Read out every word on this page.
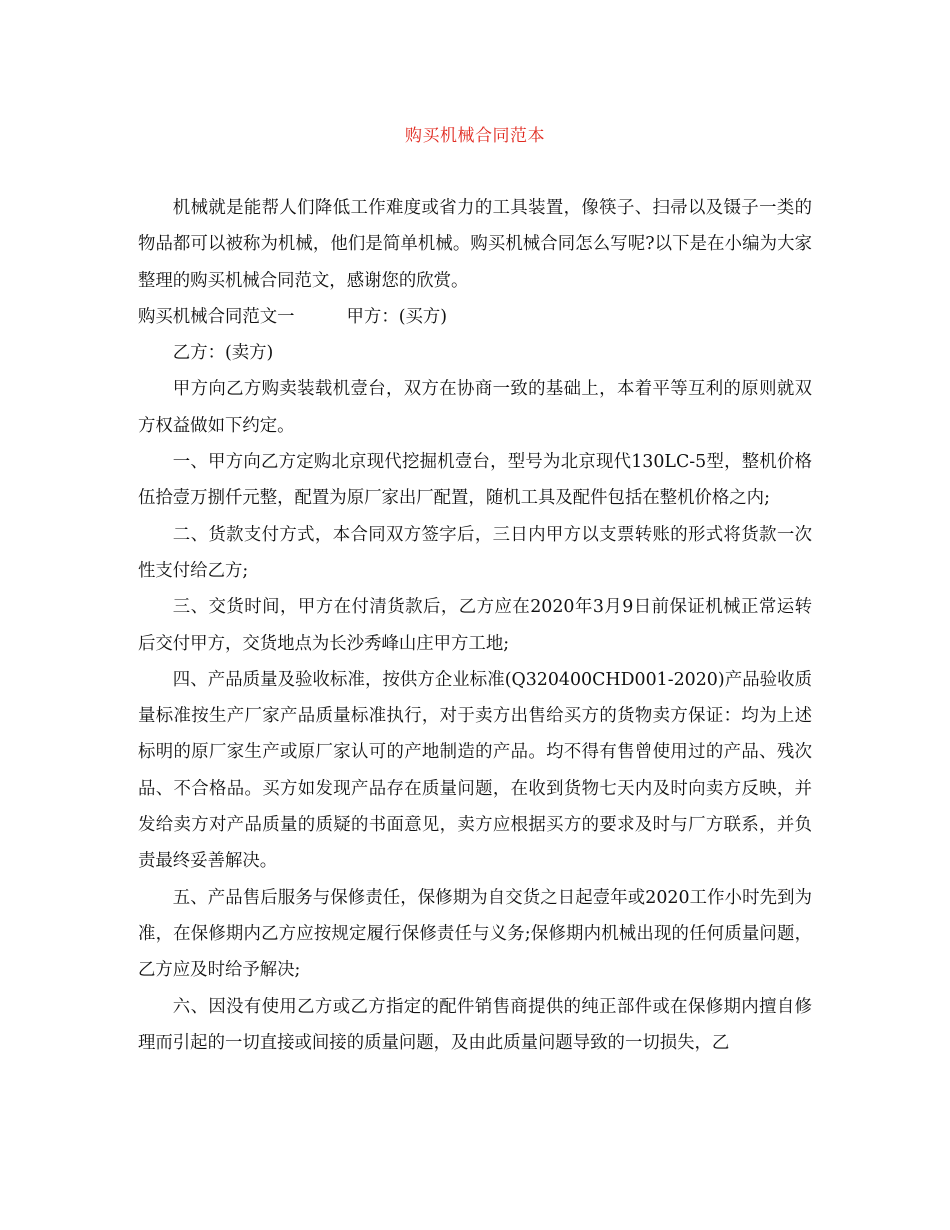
购买机械合同范本

机械就是能帮人们降低工作难度或省力的工具装置，像筷子、扫帚以及镊子一类的物品都可以被称为机械，他们是简单机械。购买机械合同怎么写呢?以下是在小编为大家整理的购买机械合同范文，感谢您的欣赏。

购买机械合同范文一	甲方：(买方)

乙方：(卖方)

甲方向乙方购卖装载机壹台，双方在协商一致的基础上，本着平等互利的原则就双方权益做如下约定。

一、甲方向乙方定购北京现代挖掘机壹台，型号为北京现代130LC-5型，整机价格伍拾壹万捌仟元整，配置为原厂家出厂配置，随机工具及配件包括在整机价格之内;

二、货款支付方式，本合同双方签字后，三日内甲方以支票转账的形式将货款一次性支付给乙方;

三、交货时间，甲方在付清货款后，乙方应在2020年3月9日前保证机械正常运转后交付甲方，交货地点为长沙秀峰山庄甲方工地;

四、产品质量及验收标准，按供方企业标准(Q320400CHD001-2020)产品验收质量标准按生产厂家产品质量标准执行，对于卖方出售给买方的货物卖方保证：均为上述标明的原厂家生产或原厂家认可的产地制造的产品。均不得有售曾使用过的产品、残次品、不合格品。买方如发现产品存在质量问题，在收到货物七天内及时向卖方反映，并发给卖方对产品质量的质疑的书面意见，卖方应根据买方的要求及时与厂方联系，并负责最终妥善解决。

五、产品售后服务与保修责任，保修期为自交货之日起壹年或2020工作小时先到为准，在保修期内乙方应按规定履行保修责任与义务;保修期内机械出现的任何质量问题，乙方应及时给予解决;

六、因没有使用乙方或乙方指定的配件销售商提供的纯正部件或在保修期内擅自修理而引起的一切直接或间接的质量问题，及由此质量问题导致的一切损失，乙
